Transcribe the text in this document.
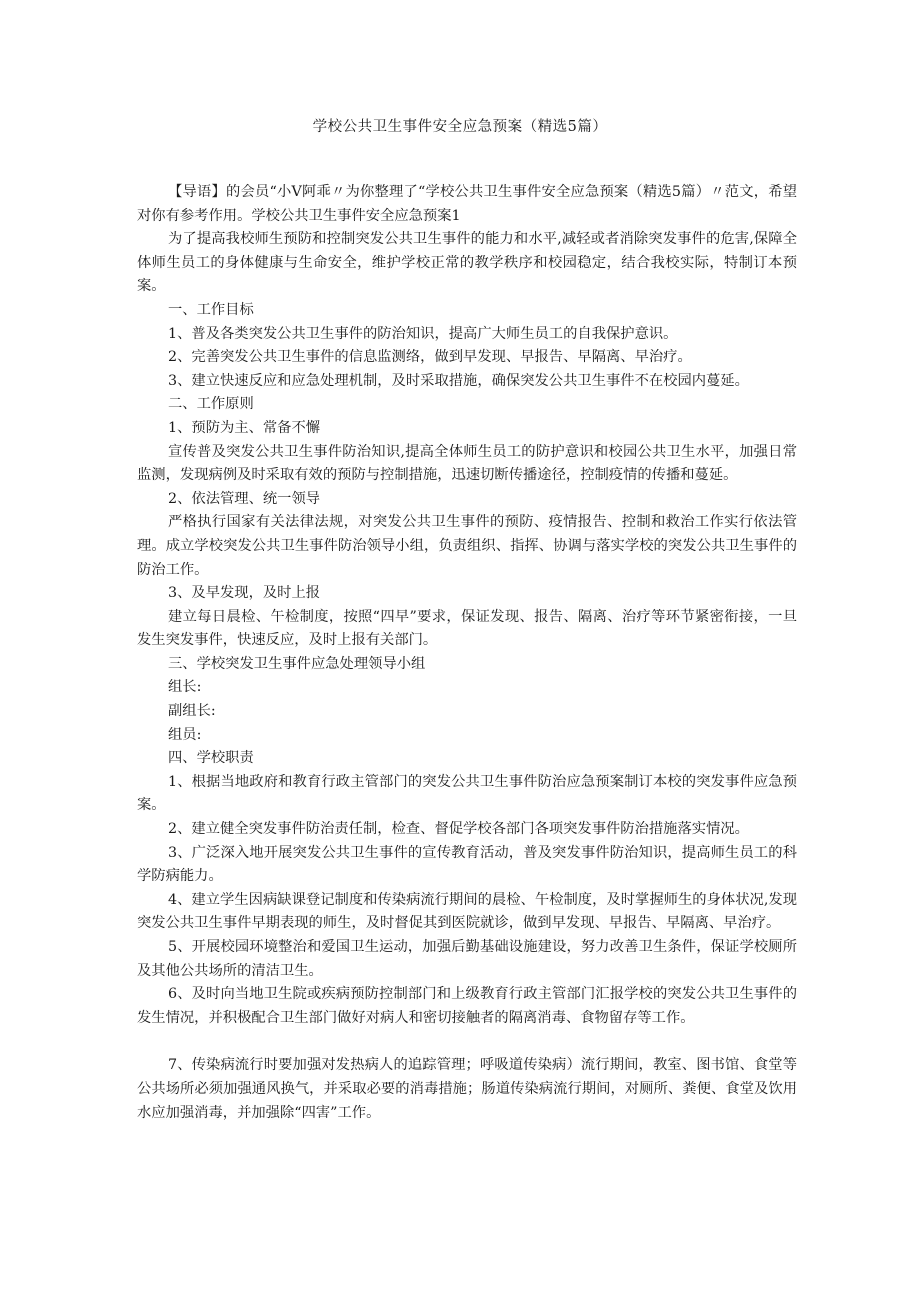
学校公共卫生事件安全应急预案（精选5篇）

【导语】的会员“小V阿乖〃为你整理了“学校公共卫生事件安全应急预案（精选5篇）〃范文，希望对你有参考作用。学校公共卫生事件安全应急预案1

为了提高我校师生预防和控制突发公共卫生事件的能力和水平,减轻或者消除突发事件的危害,保障全体师生员工的身体健康与生命安全，维护学校正常的教学秩序和校园稳定，结合我校实际，特制订本预案。

一、工作目标

1、普及各类突发公共卫生事件的防治知识，提高广大师生员工的自我保护意识。

2、完善突发公共卫生事件的信息监测络，做到早发现、早报告、早隔离、早治疗。

3、建立快速反应和应急处理机制，及时采取措施，确保突发公共卫生事件不在校园内蔓延。

二、工作原则

1、预防为主、常备不懈

宣传普及突发公共卫生事件防治知识,提高全体师生员工的防护意识和校园公共卫生水平，加强日常监测，发现病例及时采取有效的预防与控制措施，迅速切断传播途径，控制疫情的传播和蔓延。

2、依法管理、统一领导

严格执行国家有关法律法规，对突发公共卫生事件的预防、疫情报告、控制和救治工作实行依法管理。成立学校突发公共卫生事件防治领导小组，负责组织、指挥、协调与落实学校的突发公共卫生事件的防治工作。

3、及早发现，及时上报

建立每日晨检、午检制度，按照“四早”要求，保证发现、报告、隔离、治疗等环节紧密衔接，一旦发生突发事件，快速反应，及时上报有关部门。

三、学校突发卫生事件应急处理领导小组

组长:

副组长:

组员:

四、学校职责

1、根据当地政府和教育行政主管部门的突发公共卫生事件防治应急预案制订本校的突发事件应急预案。

2、建立健全突发事件防治责任制，检查、督促学校各部门各项突发事件防治措施落实情况。

3、广泛深入地开展突发公共卫生事件的宣传教育活动，普及突发事件防治知识，提高师生员工的科学防病能力。

4、建立学生因病缺课登记制度和传染病流行期间的晨检、午检制度，及时掌握师生的身体状况,发现突发公共卫生事件早期表现的师生，及时督促其到医院就诊，做到早发现、早报告、早隔离、早治疗。

5、开展校园环境整治和爱国卫生运动，加强后勤基础设施建设，努力改善卫生条件，保证学校厕所及其他公共场所的清洁卫生。

6、及时向当地卫生院或疾病预防控制部门和上级教育行政主管部门汇报学校的突发公共卫生事件的发生情况，并积极配合卫生部门做好对病人和密切接触者的隔离消毒、食物留存等工作。

7、传染病流行时要加强对发热病人的追踪管理；呼吸道传染病）流行期间，教室、图书馆、食堂等公共场所必须加强通风换气，并采取必要的消毒措施；肠道传染病流行期间，对厕所、粪便、食堂及饮用水应加强消毒，并加强除“四害”工作。
